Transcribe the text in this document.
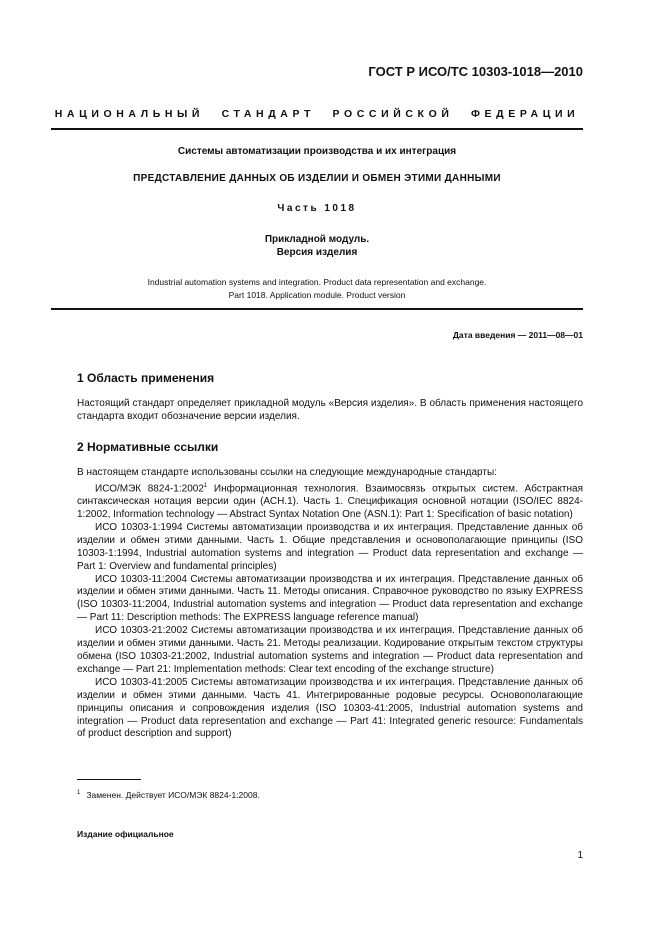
ГОСТ Р ИСО/ТС 10303-1018—2010
НАЦИОНАЛЬНЫЙ СТАНДАРТ РОССИЙСКОЙ ФЕДЕРАЦИИ
Системы автоматизации производства и их интеграция
ПРЕДСТАВЛЕНИЕ ДАННЫХ ОБ ИЗДЕЛИИ И ОБМЕН ЭТИМИ ДАННЫМИ
Часть 1018
Прикладной модуль.
Версия изделия
Industrial automation systems and integration. Product data representation and exchange.
Part 1018. Application module. Product version
Дата введения — 2011—08—01
1 Область применения

Настоящий стандарт определяет прикладной модуль «Версия изделия». В область применения настоящего стандарта входит обозначение версии изделия.

2 Нормативные ссылки
В настоящем стандарте использованы ссылки на следующие международные стандарты:
ИСО/МЭК 8824-1:2002$^1$ Информационная технология. Взаимосвязь открытых систем. Абстрактная синтаксическая нотация версии один (АСН.1). Часть 1. Спецификация основной нотации (ISO/IEC 8824-1:2002, Information technology — Abstract Syntax Notation One (ASN.1): Part 1: Specification of basic notation)
ИСО 10303-1:1994 Системы автоматизации производства и их интеграция. Представление данных об изделии и обмен этими данными. Часть 1. Общие представления и основополагающие принципы (ISO 10303-1:1994, Industrial automation systems and integration — Product data representation and exchange — Part 1: Overview and fundamental principles)
ИСО 10303-11:2004 Системы автоматизации производства и их интеграция. Представление данных об изделии и обмен этими данными. Часть 11. Методы описания. Справочное руководство по языку EXPRESS (ISO 10303-11:2004, Industrial automation systems and integration — Product data representation and exchange — Part 11: Description methods: The EXPRESS language reference manual)
ИСО 10303-21:2002 Системы автоматизации производства и их интеграция. Представление данных об изделии и обмен этими данными. Часть 21. Методы реализации. Кодирование открытым текстом структуры обмена (ISO 10303-21:2002, Industrial automation systems and integration — Product data representation and exchange — Part 21: Implementation methods: Clear text encoding of the exchange structure)
ИСО 10303-41:2005 Системы автоматизации производства и их интеграция. Представление данных об изделии и обмен этими данными. Часть 41. Интегрированные родовые ресурсы. Основополагающие принципы описания и сопровождения изделия (ISO 10303-41:2005, Industrial automation systems and integration — Product data representation and exchange — Part 41: Integrated generic resource: Fundamentals of product description and support)
$^1$ Заменен. Действует ИСО/МЭК 8824-1:2008.
Издание официальное
1
